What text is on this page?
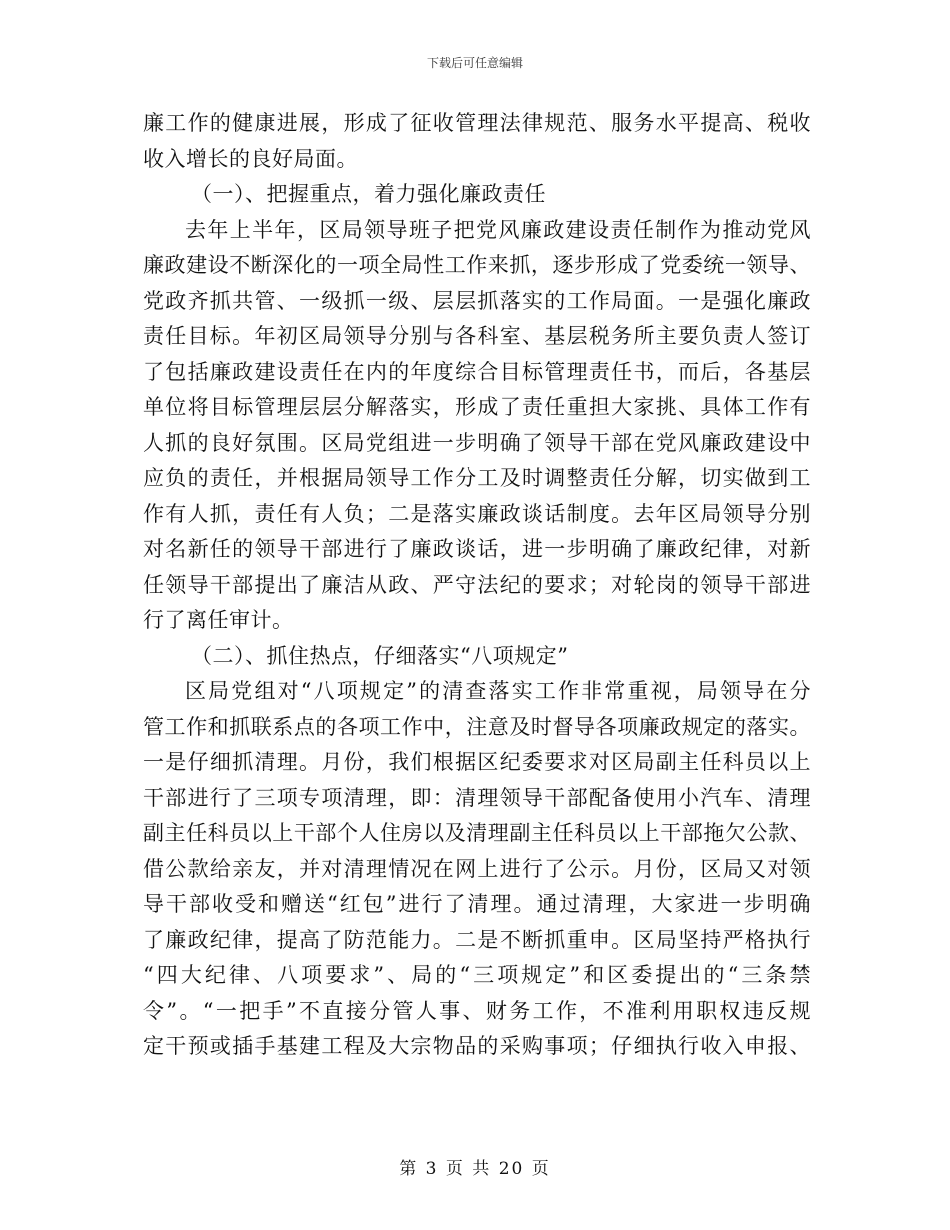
下载后可任意编辑
廉工作的健康进展，形成了征收管理法律规范、服务水平提高、税收
收入增长的良好局面。
（一）、把握重点，着力强化廉政责任
去年上半年，区局领导班子把党风廉政建设责任制作为推动党风
廉政建设不断深化的一项全局性工作来抓，逐步形成了党委统一领导、
党政齐抓共管、一级抓一级、层层抓落实的工作局面。一是强化廉政
责任目标。年初区局领导分别与各科室、基层税务所主要负责人签订
了包括廉政建设责任在内的年度综合目标管理责任书，而后，各基层
单位将目标管理层层分解落实，形成了责任重担大家挑、具体工作有
人抓的良好氛围。区局党组进一步明确了领导干部在党风廉政建设中
应负的责任，并根据局领导工作分工及时调整责任分解，切实做到工
作有人抓，责任有人负；二是落实廉政谈话制度。去年区局领导分别
对名新任的领导干部进行了廉政谈话，进一步明确了廉政纪律，对新
任领导干部提出了廉洁从政、严守法纪的要求；对轮岗的领导干部进
行了离任审计。
（二）、抓住热点，仔细落实“八项规定”
区局党组对“八项规定”的清查落实工作非常重视，局领导在分
管工作和抓联系点的各项工作中，注意及时督导各项廉政规定的落实。
一是仔细抓清理。月份，我们根据区纪委要求对区局副主任科员以上
干部进行了三项专项清理，即：清理领导干部配备使用小汽车、清理
副主任科员以上干部个人住房以及清理副主任科员以上干部拖欠公款、
借公款给亲友，并对清理情况在网上进行了公示。月份，区局又对领
导干部收受和赠送“红包”进行了清理。通过清理，大家进一步明确
了廉政纪律，提高了防范能力。二是不断抓重申。区局坚持严格执行
“四大纪律、八项要求”、局的“三项规定”和区委提出的“三条禁
令”。“一把手”不直接分管人事、财务工作，不准利用职权违反规
定干预或插手基建工程及大宗物品的采购事项；仔细执行收入申报、
第 3 页 共 20 页
